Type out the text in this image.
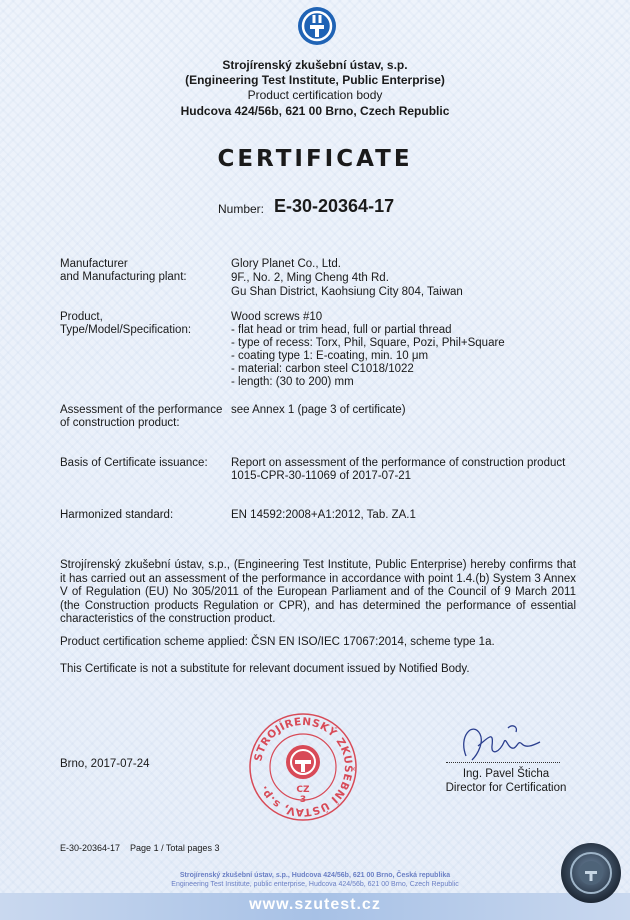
Strojírenský zkušební ústav, s.p.
(Engineering Test Institute, Public Enterprise)
Product certification body
Hudcova 424/56b, 621 00 Brno, Czech Republic
CERTIFICATE
Number: E-30-20364-17
Manufacturer
and Manufacturing plant:
Glory Planet Co., Ltd.
9F., No. 2, Ming Cheng 4th Rd.
Gu Shan District, Kaohsiung City 804, Taiwan
Product,
Type/Model/Specification:
Wood screws #10
- flat head or trim head, full or partial thread
- type of recess: Torx, Phil, Square, Pozi, Phil+Square
- coating type 1: E-coating, min. 10 μm
- material: carbon steel C1018/1022
- length: (30 to 200) mm
Assessment of the performance
of construction product:
see Annex 1 (page 3 of certificate)
Basis of Certificate issuance: Report on assessment of the performance of construction product
1015-CPR-30-11069 of 2017-07-21
Harmonized standard:	EN 14592:2008+A1:2012, Tab. ZA.1
Strojírenský zkušební ústav, s.p., (Engineering Test Institute, Public Enterprise) hereby confirms that it has carried out an assessment of the performance in accordance with point 1.4.(b) System 3 Annex V of Regulation (EU) No 305/2011 of the European Parliament and of the Council of 9 March 2011 (the Construction products Regulation or CPR), and has determined the performance of essential characteristics of the construction product.
Product certification scheme applied: ČSN EN ISO/IEC 17067:2014, scheme type 1a.
This Certificate is not a substitute for relevant document issued by Notified Body.
STROJÍRENSKÝ ZKUŠEBNÍ ÚSTAV, s.p.	CZ
3
Brno, 2017-07-24
Ing. Pavel Šticha
Director for Certification
E-30-20364-17    Page 1 / Total pages 3
Strojírenský zkušební ústav, s.p., Hudcova 424/56b, 621 00 Brno, Česká republika
Engineering Test Institute, public enterprise, Hudcova 424/56b, 621 00 Brno, Czech Republic
www.szutest.cz
